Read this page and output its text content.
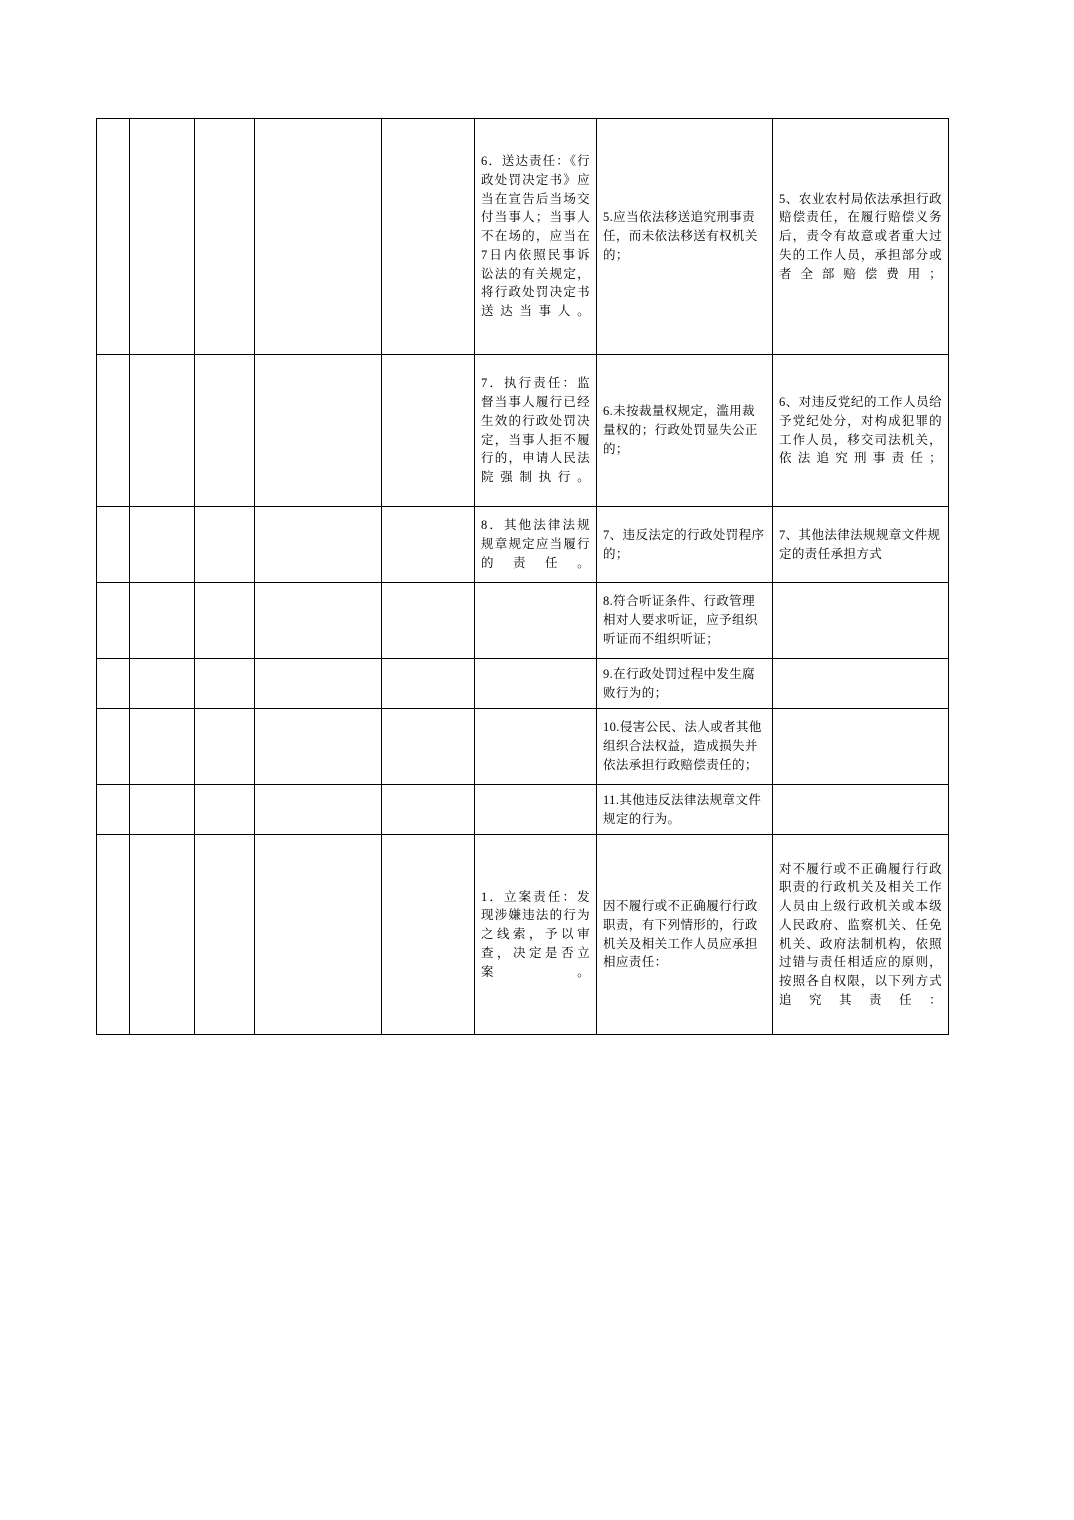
					6．送达责任：《行政处罚决定书》应当在宣告后当场交付当事人；当事人不在场的，应当在7日内依照民事诉讼法的有关规定，将行政处罚决定书送达当事人。	5.应当依法移送追究刑事责任，而未依法移送有权机关的；	5、农业农村局依法承担行政赔偿责任，在履行赔偿义务后，责令有故意或者重大过失的工作人员，承担部分或者全部赔偿费用；
					7．执行责任：监督当事人履行已经生效的行政处罚决定，当事人拒不履行的，申请人民法院强制执行。	6.未按裁量权规定，滥用裁量权的；行政处罚显失公正的；	6、对违反党纪的工作人员给予党纪处分，对构成犯罪的工作人员，移交司法机关，依法追究刑事责任；
					8．其他法律法规规章规定应当履行的责任。	7、违反法定的行政处罚程序的；	7、其他法律法规规章文件规定的责任承担方式
						8.符合听证条件、行政管理相对人要求听证，应予组织听证而不组织听证；	
						9.在行政处罚过程中发生腐败行为的；	
						10.侵害公民、法人或者其他组织合法权益，造成损失并依法承担行政赔偿责任的；	
						11.其他违反法律法规章文件规定的行为。	
					1．立案责任：发现涉嫌违法的行为之线索，予以审查，决定是否立案。	因不履行或不正确履行行政职责，有下列情形的，行政机关及相关工作人员应承担相应责任：	对不履行或不正确履行行政职责的行政机关及相关工作人员由上级行政机关或本级人民政府、监察机关、任免机关、政府法制机构，依照过错与责任相适应的原则，按照各自权限，以下列方式追究其责任：
